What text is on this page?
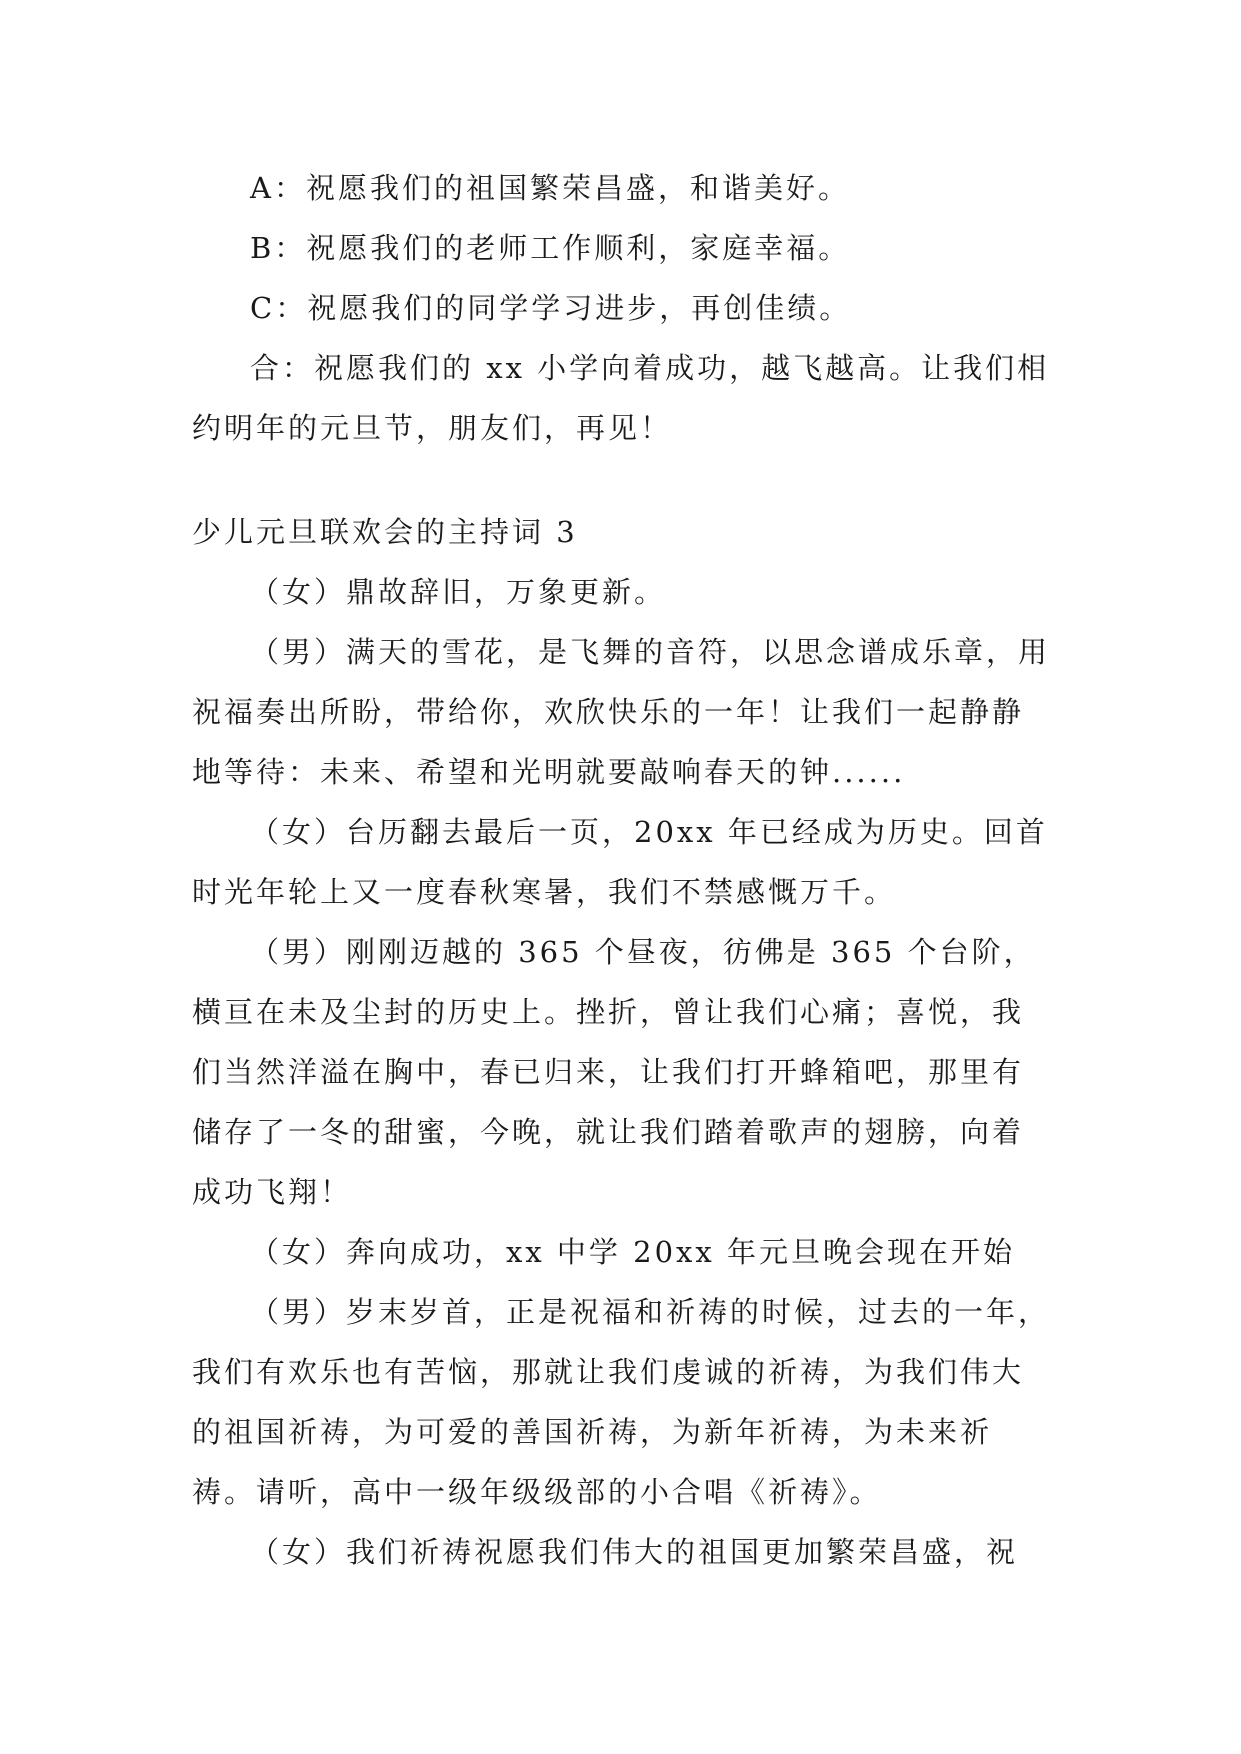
A：祝愿我们的祖国繁荣昌盛，和谐美好。

B：祝愿我们的老师工作顺利，家庭幸福。

C：祝愿我们的同学学习进步，再创佳绩。

合：祝愿我们的 xx 小学向着成功，越飞越高。让我们相约明年的元旦节，朋友们，再见！

少儿元旦联欢会的主持词 3

（女）鼎故辞旧，万象更新。

（男）满天的雪花，是飞舞的音符，以思念谱成乐章，用祝福奏出所盼，带给你，欢欣快乐的一年！让我们一起静静地等待：未来、希望和光明就要敲响春天的钟......

（女）台历翻去最后一页，20xx 年已经成为历史。回首时光年轮上又一度春秋寒暑，我们不禁感慨万千。

（男）刚刚迈越的 365 个昼夜，彷佛是 365 个台阶，横亘在未及尘封的历史上。挫折，曾让我们心痛；喜悦，我们当然洋溢在胸中，春已归来，让我们打开蜂箱吧，那里有储存了一冬的甜蜜，今晚，就让我们踏着歌声的翅膀，向着成功飞翔！

（女）奔向成功，xx 中学 20xx 年元旦晚会现在开始

（男）岁末岁首，正是祝福和祈祷的时候，过去的一年，我们有欢乐也有苦恼，那就让我们虔诚的祈祷，为我们伟大的祖国祈祷，为可爱的善国祈祷，为新年祈祷，为未来祈祷。请听，高中一级年级级部的小合唱《祈祷》。

（女）我们祈祷祝愿我们伟大的祖国更加繁荣昌盛，祝
